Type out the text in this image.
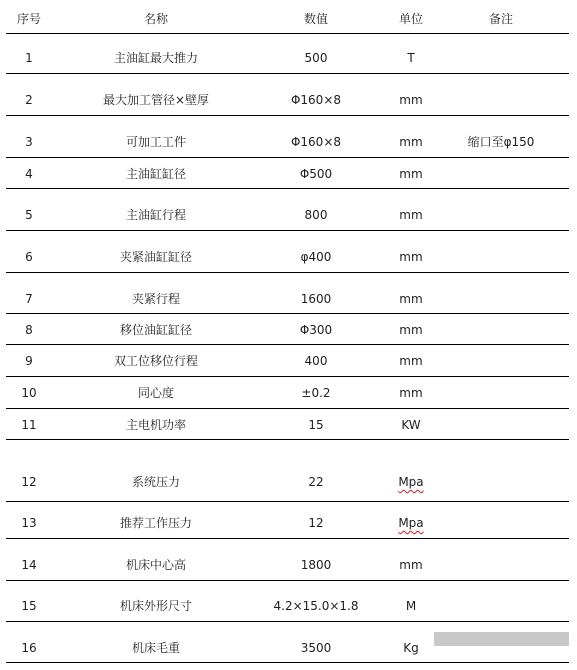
序号	名称	数值	单位	备注
1	主油缸最大推力	500	T
2	最大加工管径×壁厚	Φ160×8	mm
3	可加工工件	Φ160×8	mm	缩口至φ150
4	主油缸缸径	Φ500	mm
5	主油缸行程	800	mm
6	夹紧油缸缸径	φ400	mm
7	夹紧行程	1600	mm
8	移位油缸缸径	Φ300	mm
9	双工位移位行程	400	mm
10	同心度	±0.2	mm
11	主电机功率	15	KW
12	系统压力	22	Mpa
13	推荐工作压力	12	Mpa
14	机床中心高	1800	mm
15	机床外形尺寸	4.2×15.0×1.8	M
16	机床毛重	3500	Kg
